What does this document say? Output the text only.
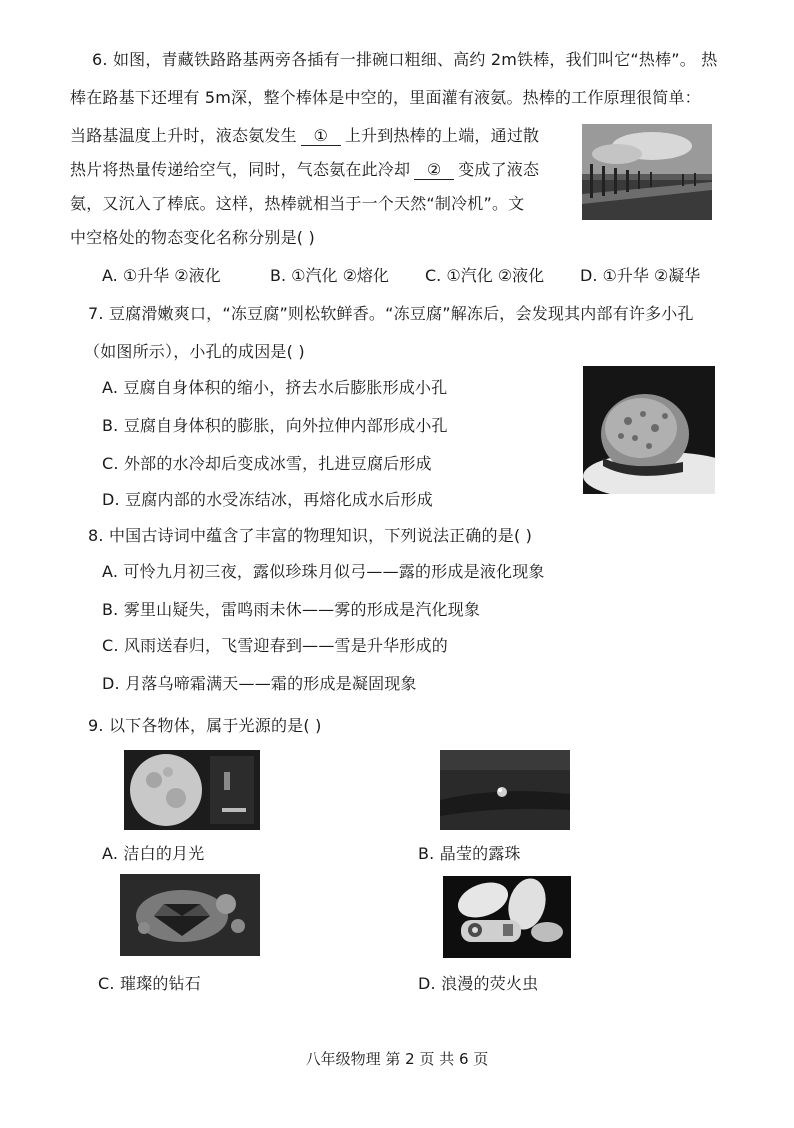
6. 如图，青藏铁路路基两旁各插有一排碗口粗细、高约 2m铁棒，我们叫它“热棒”。 热
棒在路基下还埋有 5m深，整个棒体是中空的，里面灌有液氨。热棒的工作原理很简单：
当路基温度上升时，液态氨发生 ① 上升到热棒的上端，通过散
热片将热量传递给空气，同时，气态氨在此冷却 ② 变成了液态
氨，又沉入了棒底。这样，热棒就相当于一个天然“制冷机”。文
中空格处的物态变化名称分别是( )
A. ①升华 ②液化	B. ①汽化 ②熔化 C. ①汽化 ②液化 D. ①升华 ②凝华
7. 豆腐滑嫩爽口，“冻豆腐”则松软鲜香。“冻豆腐”解冻后，会发现其内部有许多小孔
（如图所示），小孔的成因是( )
A. 豆腐自身体积的缩小，挤去水后膨胀形成小孔
B. 豆腐自身体积的膨胀，向外拉伸内部形成小孔
C. 外部的水冷却后变成冰雪，扎进豆腐后形成
D. 豆腐内部的水受冻结冰，再熔化成水后形成
8. 中国古诗词中蕴含了丰富的物理知识，下列说法正确的是( )
A. 可怜九月初三夜，露似珍珠月似弓——露的形成是液化现象
B. 雾里山疑失，雷鸣雨未休——雾的形成是汽化现象
C. 风雨送春归，飞雪迎春到——雪是升华形成的
D. 月落乌啼霜满天——霜的形成是凝固现象
9. 以下各物体，属于光源的是( )
A. 洁白的月光	B. 晶莹的露珠
C. 璀璨的钻石	D. 浪漫的荧火虫
八年级物理 第 2 页 共 6 页
